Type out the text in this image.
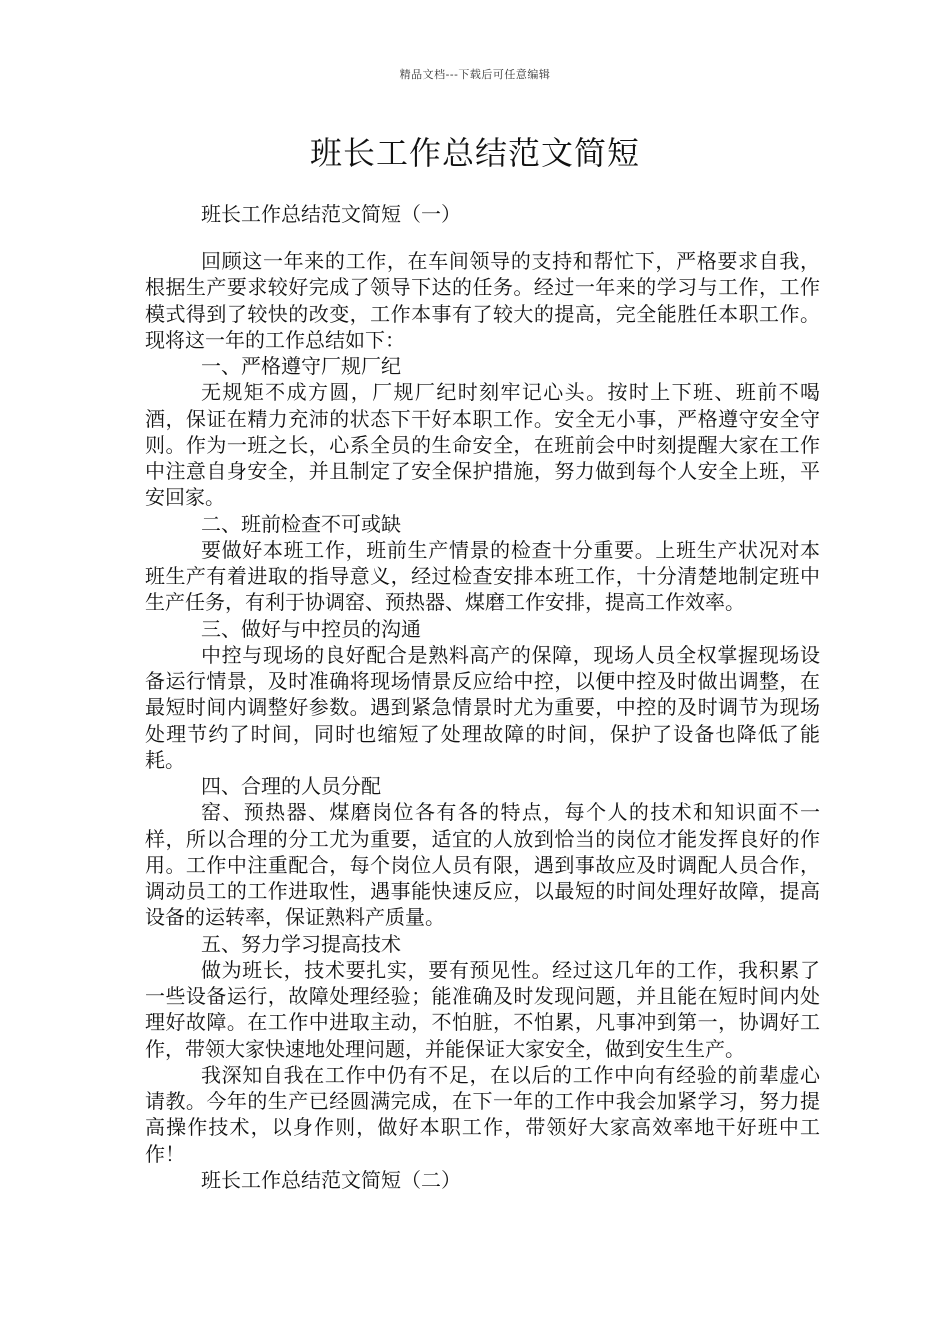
精品文档---下载后可任意编辑
班长工作总结范文简短

班长工作总结范文简短（一）

回顾这一年来的工作，在车间领导的支持和帮忙下，严格要求自我，根据生产要求较好完成了领导下达的任务。经过一年来的学习与工作，工作模式得到了较快的改变，工作本事有了较大的提高，完全能胜任本职工作。现将这一年的工作总结如下：

一、严格遵守厂规厂纪

无规矩不成方圆，厂规厂纪时刻牢记心头。按时上下班、班前不喝酒，保证在精力充沛的状态下干好本职工作。安全无小事，严格遵守安全守则。作为一班之长，心系全员的生命安全，在班前会中时刻提醒大家在工作中注意自身安全，并且制定了安全保护措施，努力做到每个人安全上班，平安回家。

二、班前检查不可或缺

要做好本班工作，班前生产情景的检查十分重要。上班生产状况对本班生产有着进取的指导意义，经过检查安排本班工作，十分清楚地制定班中生产任务，有利于协调窑、预热器、煤磨工作安排，提高工作效率。

三、做好与中控员的沟通

中控与现场的良好配合是熟料高产的保障，现场人员全权掌握现场设备运行情景，及时准确将现场情景反应给中控，以便中控及时做出调整，在最短时间内调整好参数。遇到紧急情景时尤为重要，中控的及时调节为现场处理节约了时间，同时也缩短了处理故障的时间，保护了设备也降低了能耗。

四、合理的人员分配

窑、预热器、煤磨岗位各有各的特点，每个人的技术和知识面不一样，所以合理的分工尤为重要，适宜的人放到恰当的岗位才能发挥良好的作用。工作中注重配合，每个岗位人员有限，遇到事故应及时调配人员合作，调动员工的工作进取性，遇事能快速反应，以最短的时间处理好故障，提高设备的运转率，保证熟料产质量。

五、努力学习提高技术

做为班长，技术要扎实，要有预见性。经过这几年的工作，我积累了一些设备运行，故障处理经验；能准确及时发现问题，并且能在短时间内处理好故障。在工作中进取主动，不怕脏，不怕累，凡事冲到第一，协调好工作，带领大家快速地处理问题，并能保证大家安全，做到安生生产。

我深知自我在工作中仍有不足，在以后的工作中向有经验的前辈虚心请教。今年的生产已经圆满完成，在下一年的工作中我会加紧学习，努力提高操作技术，以身作则，做好本职工作，带领好大家高效率地干好班中工作！

班长工作总结范文简短（二）
